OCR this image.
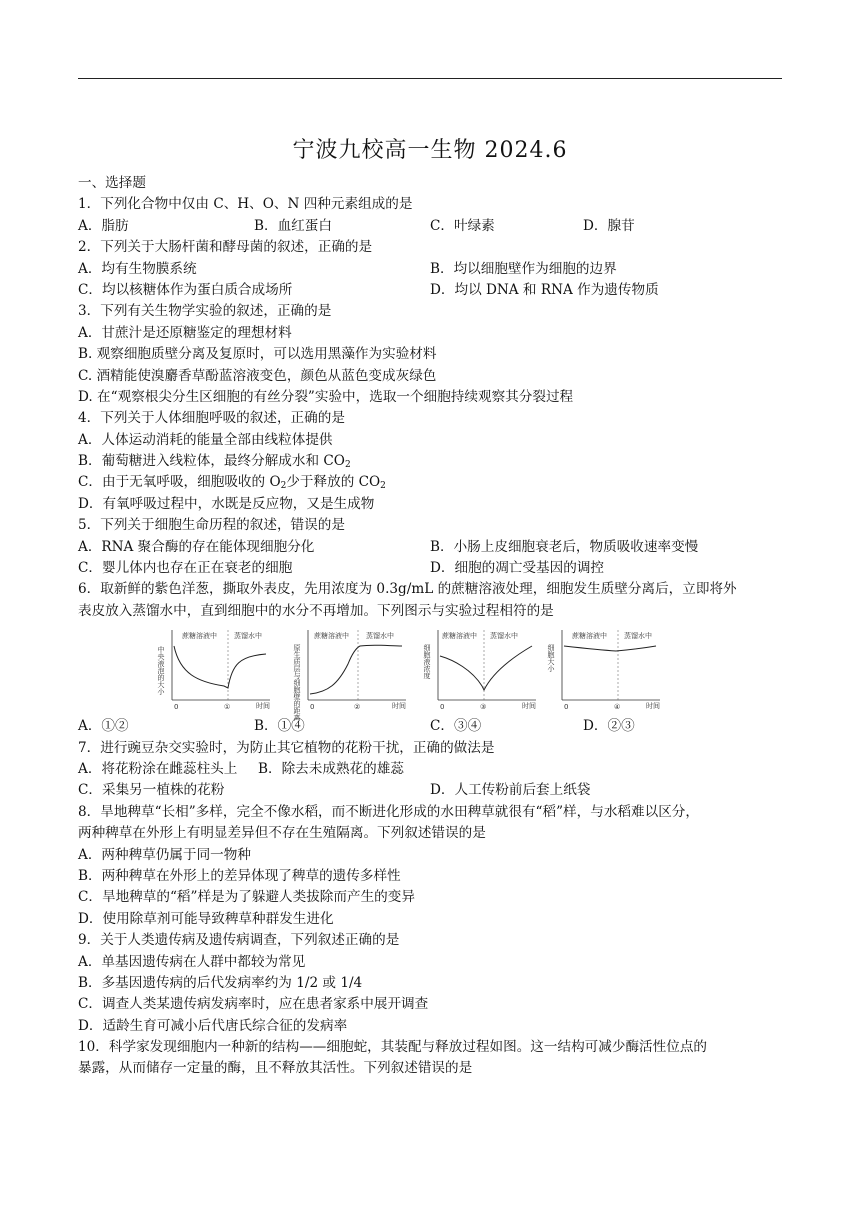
宁波九校高一生物 2024.6
一、选择题
1．下列化合物中仅由 C、H、O、N 四种元素组成的是
A．脂肪	B．血红蛋白	C．叶绿素	D．腺苷
2．下列关于大肠杆菌和酵母菌的叙述，正确的是
A．均有生物膜系统	B．均以细胞壁作为细胞的边界
C．均以核糖体作为蛋白质合成场所	D．均以 DNA 和 RNA 作为遗传物质
3．下列有关生物学实验的叙述，正确的是
A．甘蔗汁是还原糖鉴定的理想材料
B. 观察细胞质壁分离及复原时，可以选用黑藻作为实验材料
C. 酒精能使溴麝香草酚蓝溶液变色，颜色从蓝色变成灰绿色
D. 在“观察根尖分生区细胞的有丝分裂”实验中，选取一个细胞持续观察其分裂过程
4．下列关于人体细胞呼吸的叙述，正确的是
A．人体运动消耗的能量全部由线粒体提供
B．葡萄糖进入线粒体，最终分解成水和 $CO_2$
C．由于无氧呼吸，细胞吸收的 $O_2$少于释放的 $CO_2$
D．有氧呼吸过程中，水既是反应物，又是生成物
5．下列关于细胞生命历程的叙述，错误的是
A．RNA 聚合酶的存在能体现细胞分化	B．小肠上皮细胞衰老后，物质吸收速率变慢
C．婴儿体内也存在正在衰老的细胞	D．细胞的凋亡受基因的调控
6．取新鲜的紫色洋葱，撕取外表皮，先用浓度为 0.3g/mL 的蔗糖溶液处理，细胞发生质壁分离后，立即将外
表皮放入蒸馏水中，直到细胞中的水分不再增加。下列图示与实验过程相符的是
蔗糖溶液中 蒸馏水中
中央液泡的大小
0	①	时间
蔗糖溶液中 蒸馏水中
原生质层与细胞壁的距离 0	②	时间
蔗糖溶液中 蒸馏水中
细胞液浓度
0	③	时间
蔗糖溶液中 蒸馏水中
细胞大小
0	④	时间
A．①②	B．①④	C．③④	D．②③
7．进行豌豆杂交实验时，为防止其它植物的花粉干扰，正确的做法是
A．将花粉涂在雌蕊柱头上	B．除去未成熟花的雄蕊
C．采集另一植株的花粉	D．人工传粉前后套上纸袋
8．旱地稗草“长相”多样，完全不像水稻，而不断进化形成的水田稗草就很有“稻”样，与水稻难以区分，
两种稗草在外形上有明显差异但不存在生殖隔离。下列叙述错误的是
A．两种稗草仍属于同一物种
B．两种稗草在外形上的差异体现了稗草的遗传多样性
C．旱地稗草的“稻”样是为了躲避人类拔除而产生的变异
D．使用除草剂可能导致稗草种群发生进化
9．关于人类遗传病及遗传病调查，下列叙述正确的是
A．单基因遗传病在人群中都较为常见
B．多基因遗传病的后代发病率约为 1/2 或 1/4
C．调查人类某遗传病发病率时，应在患者家系中展开调查
D．适龄生育可减小后代唐氏综合征的发病率
10．科学家发现细胞内一种新的结构——细胞蛇，其装配与释放过程如图。这一结构可减少酶活性位点的
暴露，从而储存一定量的酶，且不释放其活性。下列叙述错误的是
